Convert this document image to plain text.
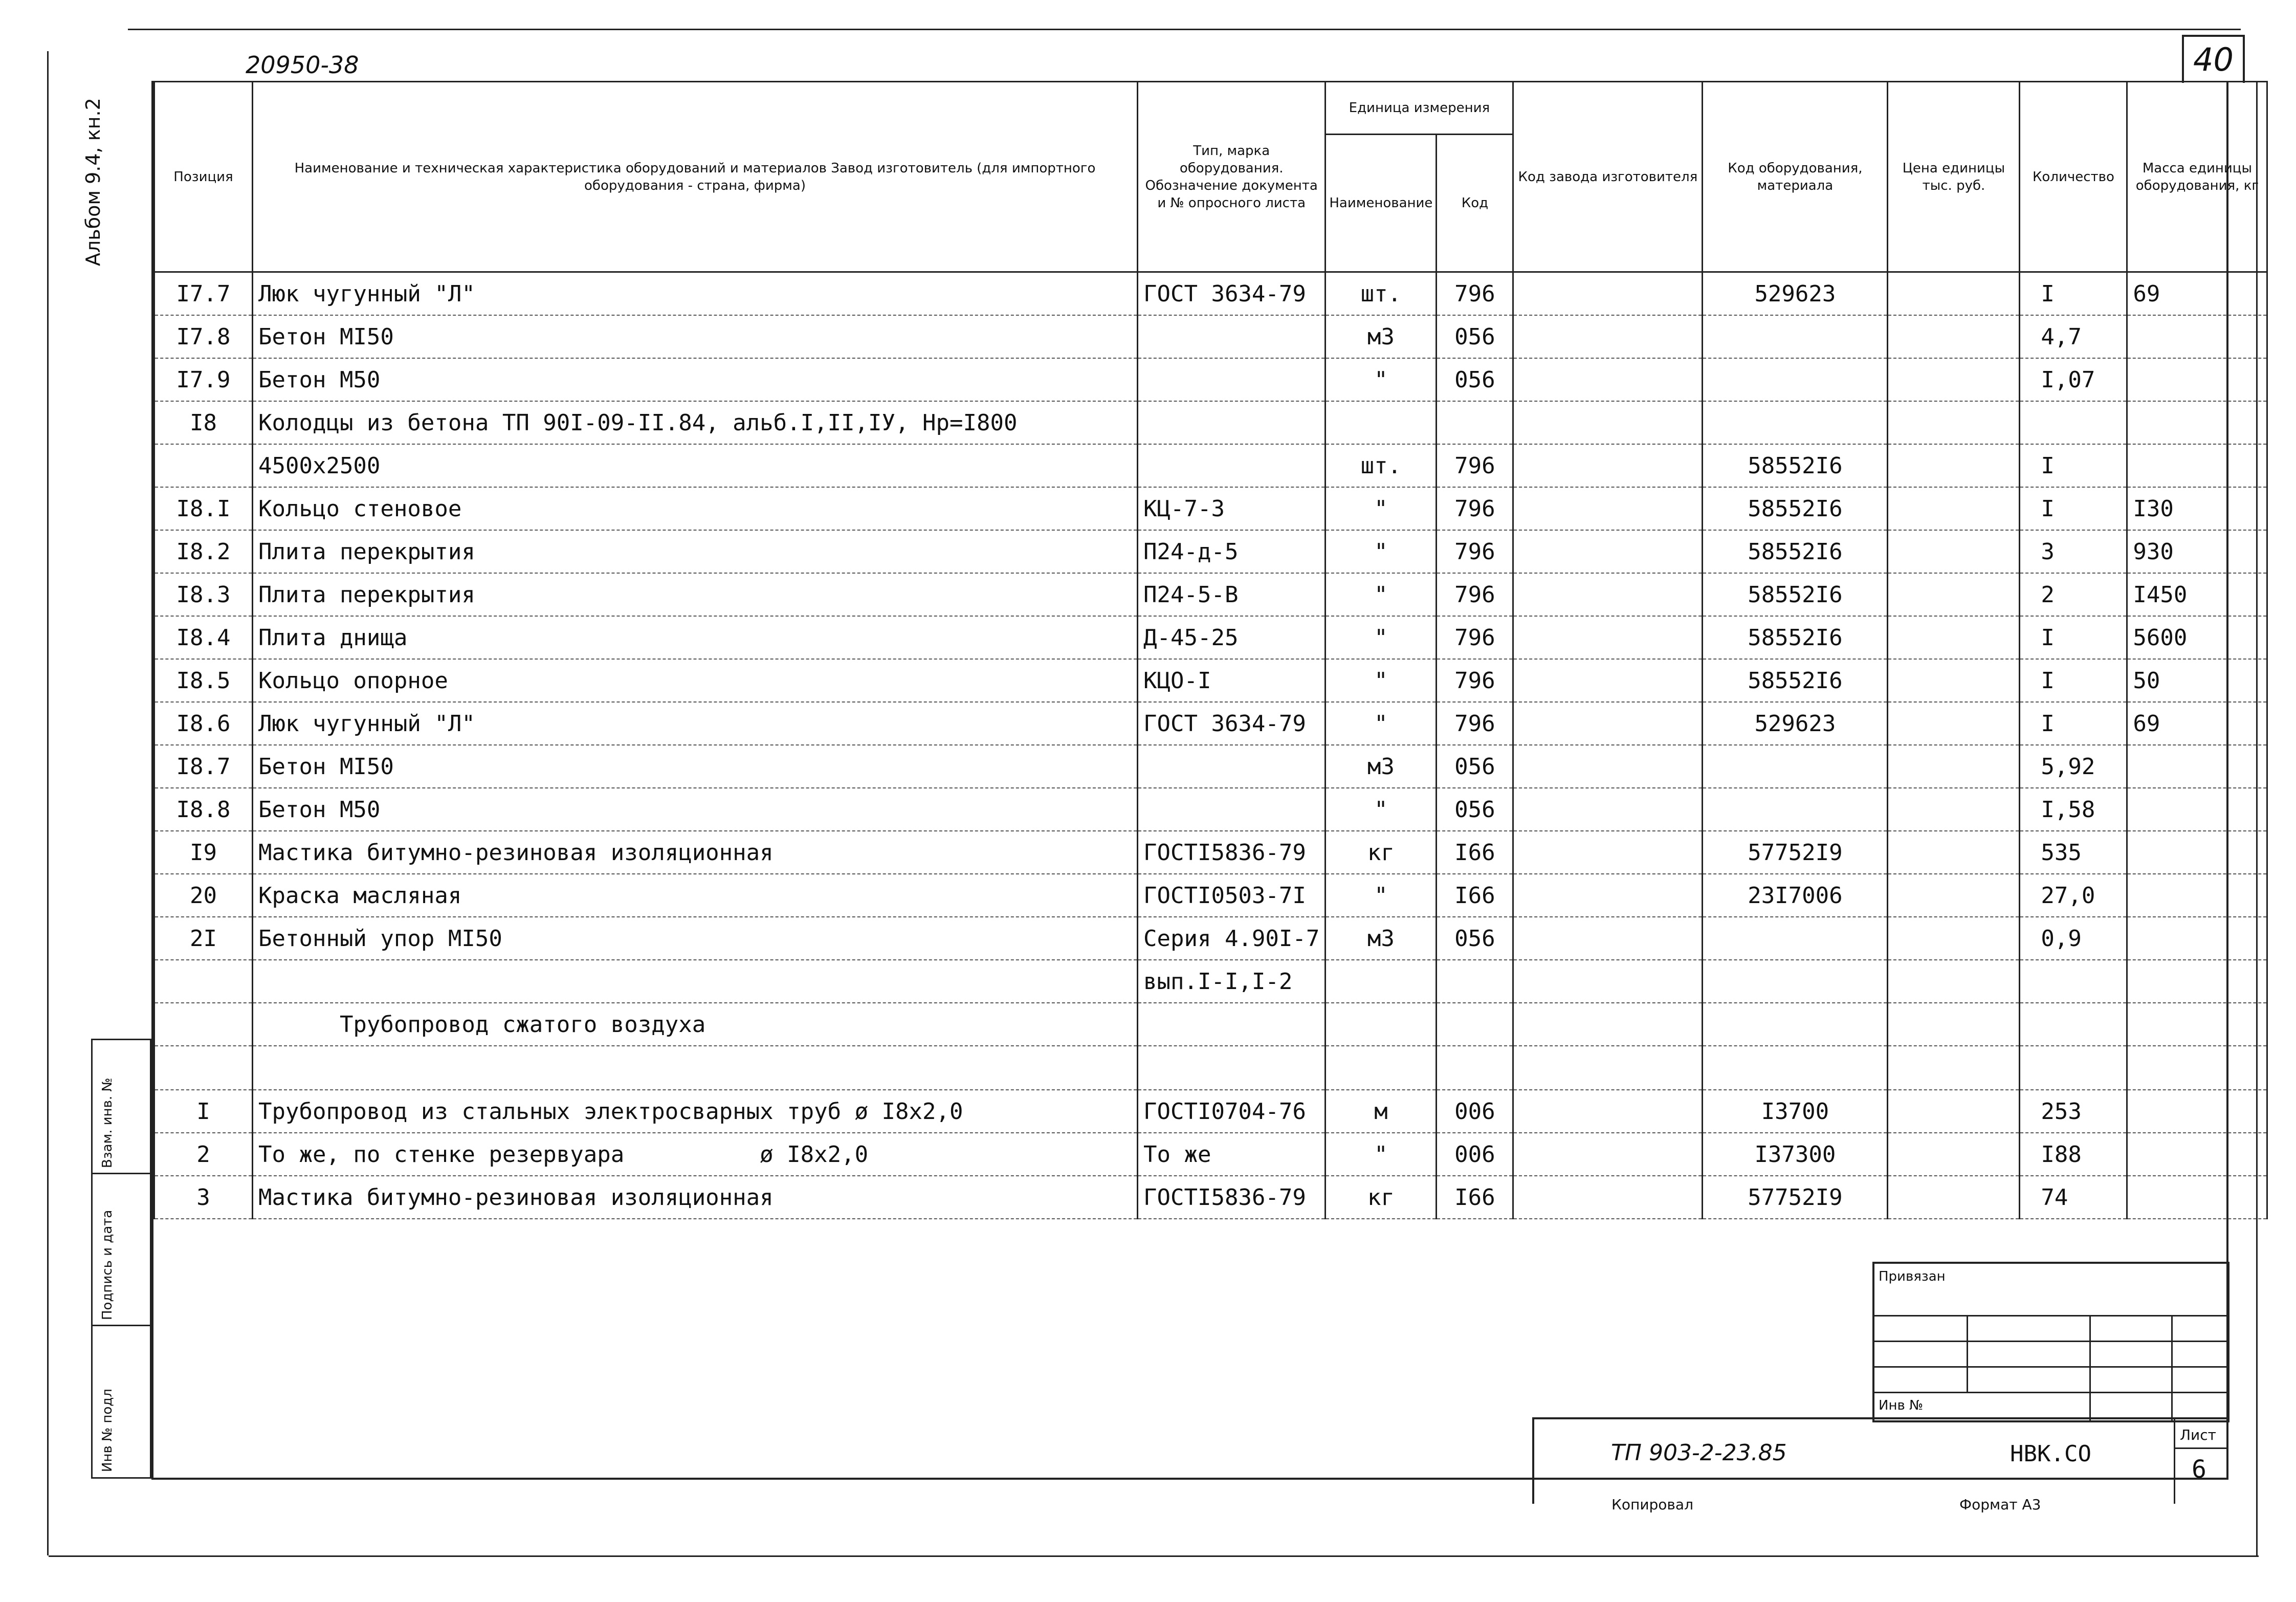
20950-38	40
Альбом 9.4, кн.2	Позиция	Наименование и техническая характеристика оборудований и материалов Завод изготовитель (для импортного оборудования - страна, фирма)	Тип, марка оборудования. Обозначение документа и № опросного листа	Единица измерения		Код завода изготовителя	Код оборудования, материала	Цена единицы тыс. руб.	Количество	Масса единицы оборудования, кг
			Наименование	Код					
I7.7	Люк чугунный "Л"	ГОСТ 3634-79	шт.	796		529623		I	69
I7.8	Бетон МI50		м3	056				4,7	
I7.9	Бетон М50		"	056				I,07	
I8	Колодцы из бетона ТП 90I-09-II.84, альб.I,II,IУ, Нр=I800								
	4500х2500		шт.	796		58552I6		I	
I8.I	Кольцо стеновое	КЦ-7-3	"	796		58552I6		I	I30
I8.2	Плита перекрытия	П24-д-5	"	796		58552I6		3	930
I8.3	Плита перекрытия	П24-5-В	"	796		58552I6		2	I450
I8.4	Плита днища	Д-45-25	"	796		58552I6		I	5600
I8.5	Кольцо опорное	КЦО-I	"	796		58552I6		I	50
I8.6	Люк чугунный "Л"	ГОСТ 3634-79	"	796		529623		I	69
I8.7	Бетон МI50		м3	056				5,92	
I8.8	Бетон М50		"	056				I,58	
I9	Мастика битумно-резиновая изоляционная	ГОСТI5836-79	кг	I66		57752I9		535	
20	Краска масляная	ГОСТI0503-7I	"	I66		23I7006		27,0	
2I	Бетонный упор МI50	Серия 4.90I-7	м3	056				0,9	
		вып.I-I,I-2							
	Трубопровод сжатого воздуха								

I	Трубопровод из стальных электросварных труб ø I8х2,0	ГОСТI0704-76	м	006		I3700		253	
2	То же, по стенке резервуара          ø I8х2,0	То же	"	006		I37300		I88	
3	Мастика битумно-резиновая изоляционная	ГОСТI5836-79	кг	I66		57752I9		74	
Взам. инв. №
Подпись и дата
Инв № подл
Привязан
Инв №
ТП 903-2-23.85	НВК.СО
Лист
6
Копировал	Формат А3
